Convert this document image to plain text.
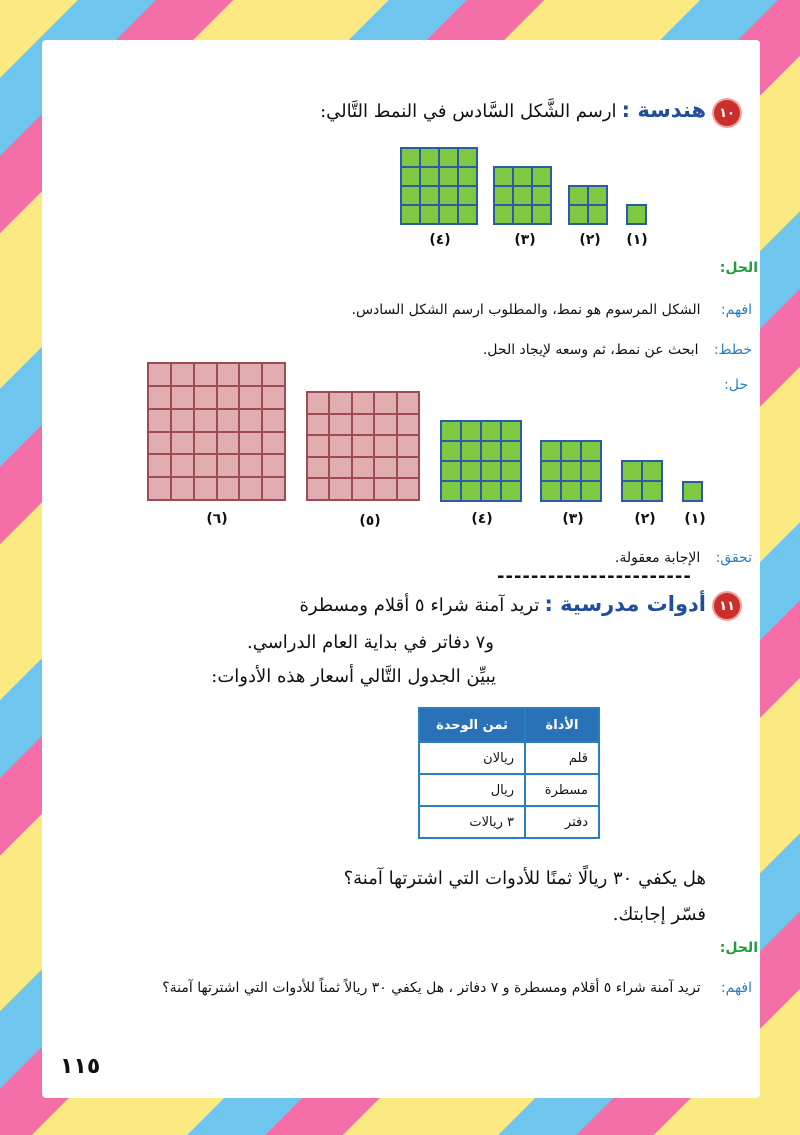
١٠
هندسة : ارسم الشَّكل السَّادس في النمط التَّالي:
(٤)	(٣)	(٢)	(١)
الحل:
افهم:    الشكل المرسوم هو نمط، والمطلوب ارسم الشكل السادس.
خطط:   ابحث عن نمط، ثم وسعه لإيجاد الحل.
حل:
(٦)	(٥)	(٤)	(٣)	(٢)	(١)
تحقق:   الإجابة معقولة.
-----------------------
١١
أدوات مدرسية : تريد آمنة شراء ٥ أقلام ومسطرة
و٧ دفاتر في بداية العام الدراسي.
يبيِّن الجدول التَّالي أسعار هذه الأدوات:
الأداة	ثمن الوحدة
قلم	ريالان
مسطرة	ريال
دفتر	٣ ريالات
هل يكفي ٣٠ ريالًا ثمنًا للأدوات التي اشترتها آمنة؟
فسّر إجابتك.
الحل:
افهم:    تريد آمنة شراء ٥ أقلام ومسطرة و ٧ دفاتر ، هل يكفي ٣٠ ريالاً ثمناً للأدوات التي اشترتها آمنة؟
١١٥
